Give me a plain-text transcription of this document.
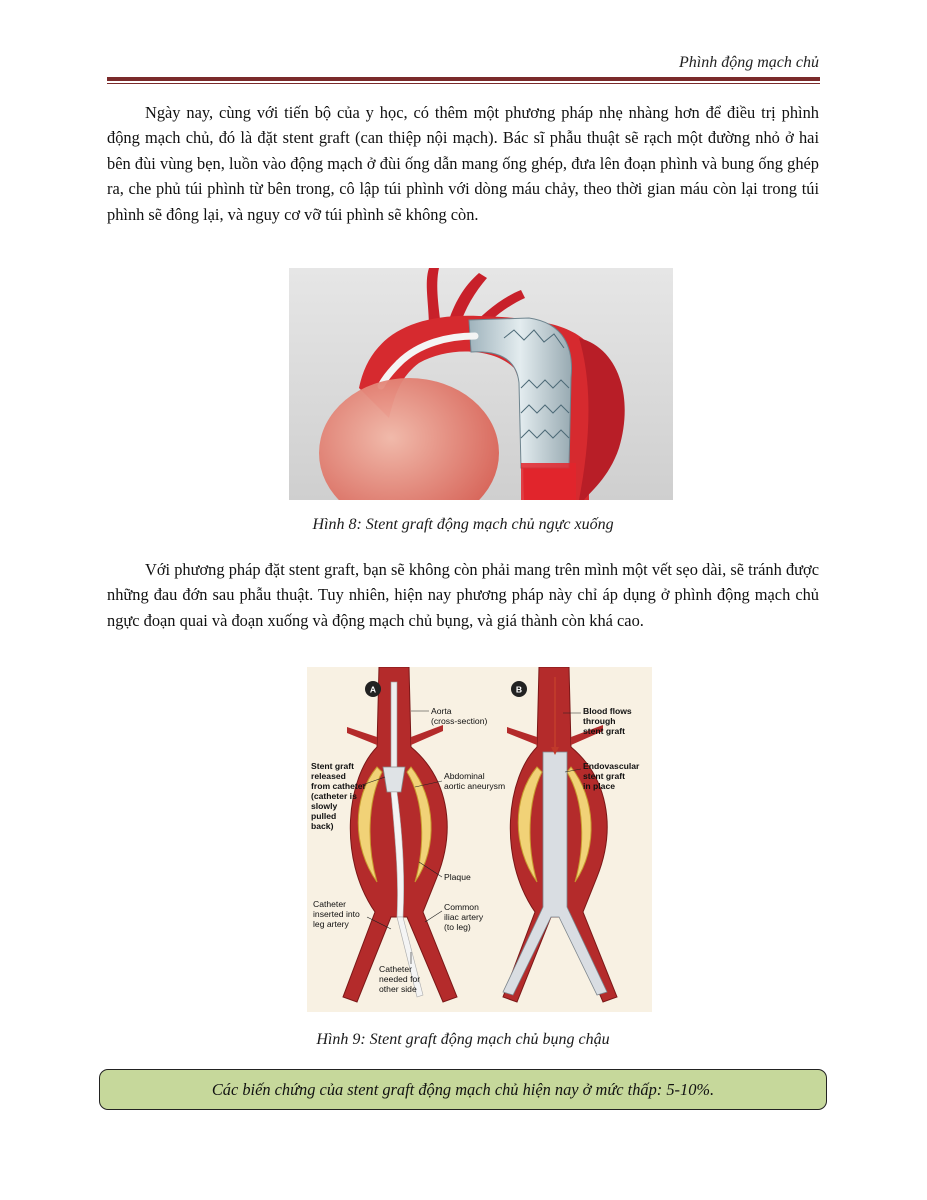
Phình động mạch chủ

Ngày nay, cùng với tiến bộ của y học, có thêm một phương pháp nhẹ nhàng hơn để điều trị phình động mạch chủ, đó là đặt stent graft (can thiệp nội mạch). Bác sĩ phẫu thuật sẽ rạch một đường nhỏ ở hai bên đùi vùng bẹn, luồn vào động mạch ở đùi ống dẫn mang ống ghép, đưa lên đoạn phình và bung ống ghép ra, che phủ túi phình từ bên trong, cô lập túi phình với dòng máu chảy, theo thời gian máu còn lại trong túi phình sẽ đông lại, và nguy cơ vỡ túi phình sẽ không còn.

Hình 8: Stent graft động mạch chủ ngực xuống

Với phương pháp đặt stent graft, bạn sẽ không còn phải mang trên mình một vết sẹo dài, sẽ tránh được những đau đớn sau phẫu thuật. Tuy nhiên, hiện nay phương pháp này chỉ áp dụng ở phình động mạch chủ ngực đoạn quai và đoạn xuống và động mạch chủ bụng, và giá thành còn khá cao.

A	B
Aorta
(cross-section)
Stent graft
released
from catheter
(catheter is
slowly
pulled
back)
Abdominal
aortic aneurysm
Plaque
Catheter
inserted into
leg artery
Common
iliac artery
(to leg)
Catheter
needed for
other side
Blood flows
through
stent graft
Endovascular
stent graft
in place
Hình 9: Stent graft động mạch chủ bụng chậu
Các biến chứng của stent graft động mạch chủ hiện nay ở mức thấp: 5-10%.
